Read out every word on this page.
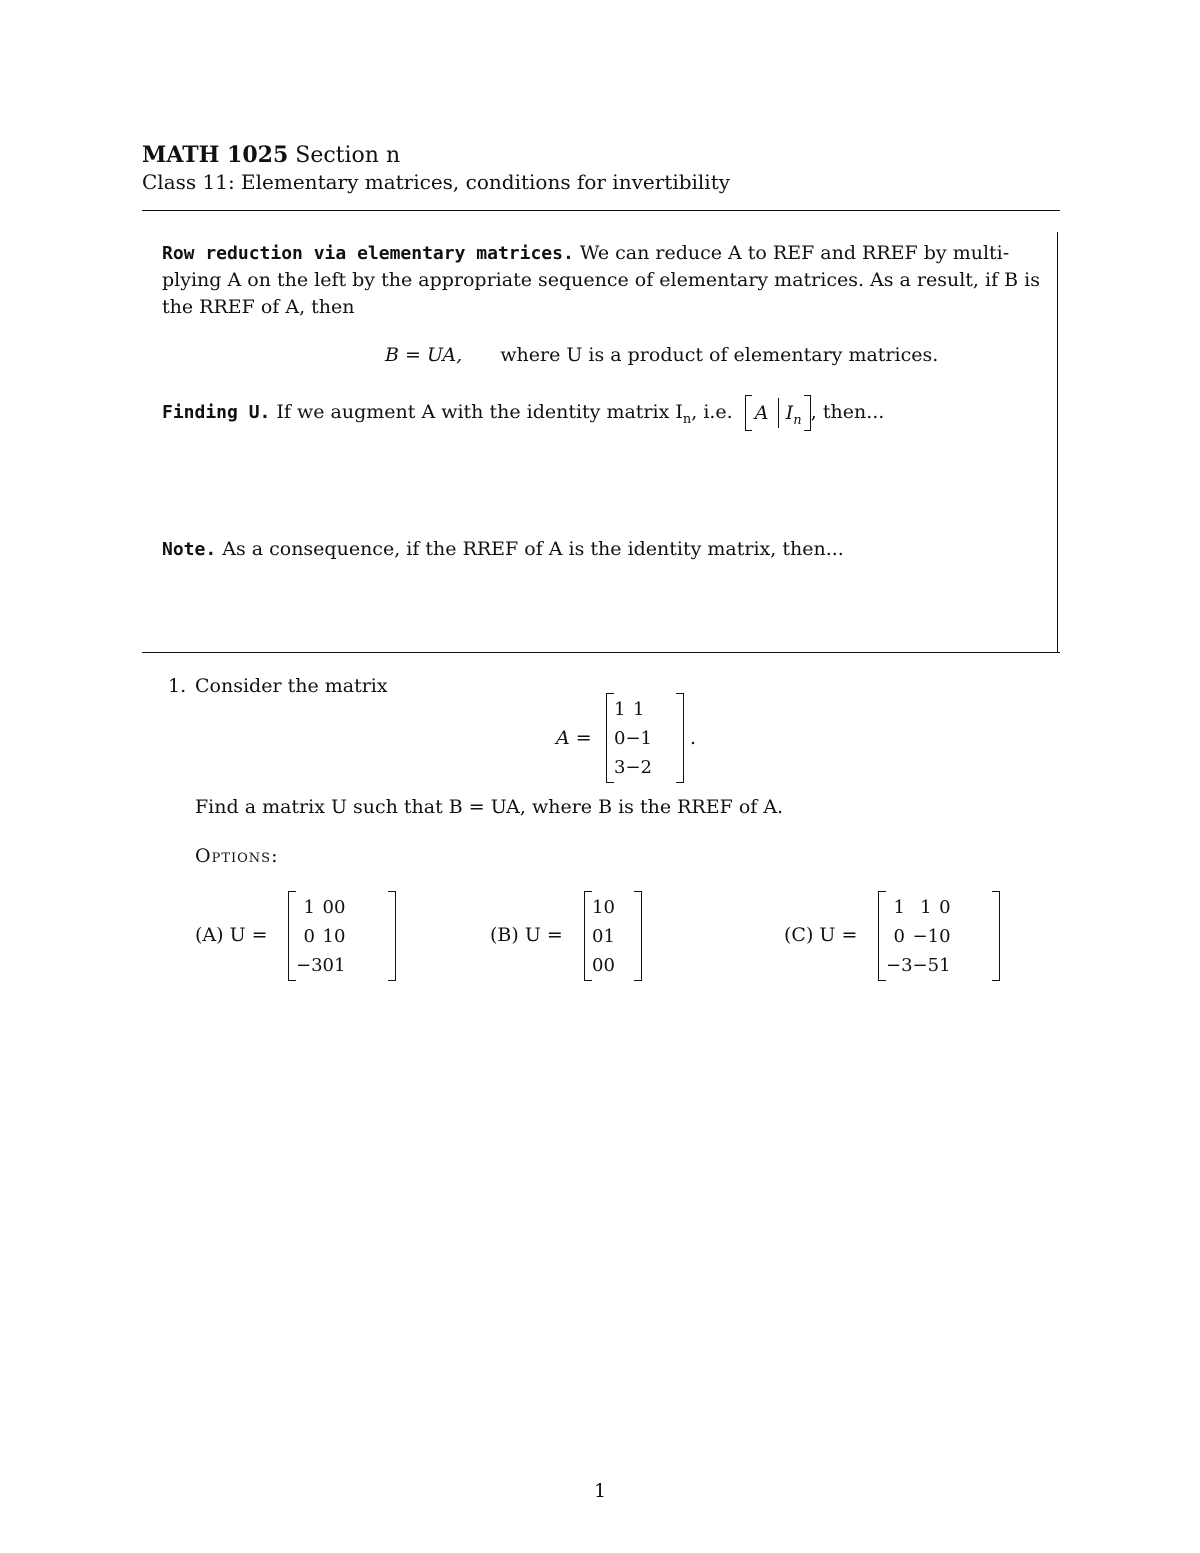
MATH 1025 Section n
Class 11: Elementary matrices, conditions for invertibility
Row reduction via elementary matrices. We can reduce A to REF and RREF by multi-
plying A on the left by the appropriate sequence of elementary matrices. As a result, if B is
the RREF of A, then
B = UA, where U is a product of elementary matrices.
Finding U. If we augment A with the identity matrix $I_n$, i.e. A $I_n$ , then...
Note. As a consequence, if the RREF of A is the identity matrix, then...
1. Consider the matrix
A =
1	1
0	−1
3	−2
.
Find a matrix U such that B = UA, where B is the RREF of A.
Options:
(A) U =
1	0	0
0	1	0
−3	0	1
(B) U =
1	0
0	1
0	0
(C) U =
1	1	0
0	−1	0
−3	−5	1
1
